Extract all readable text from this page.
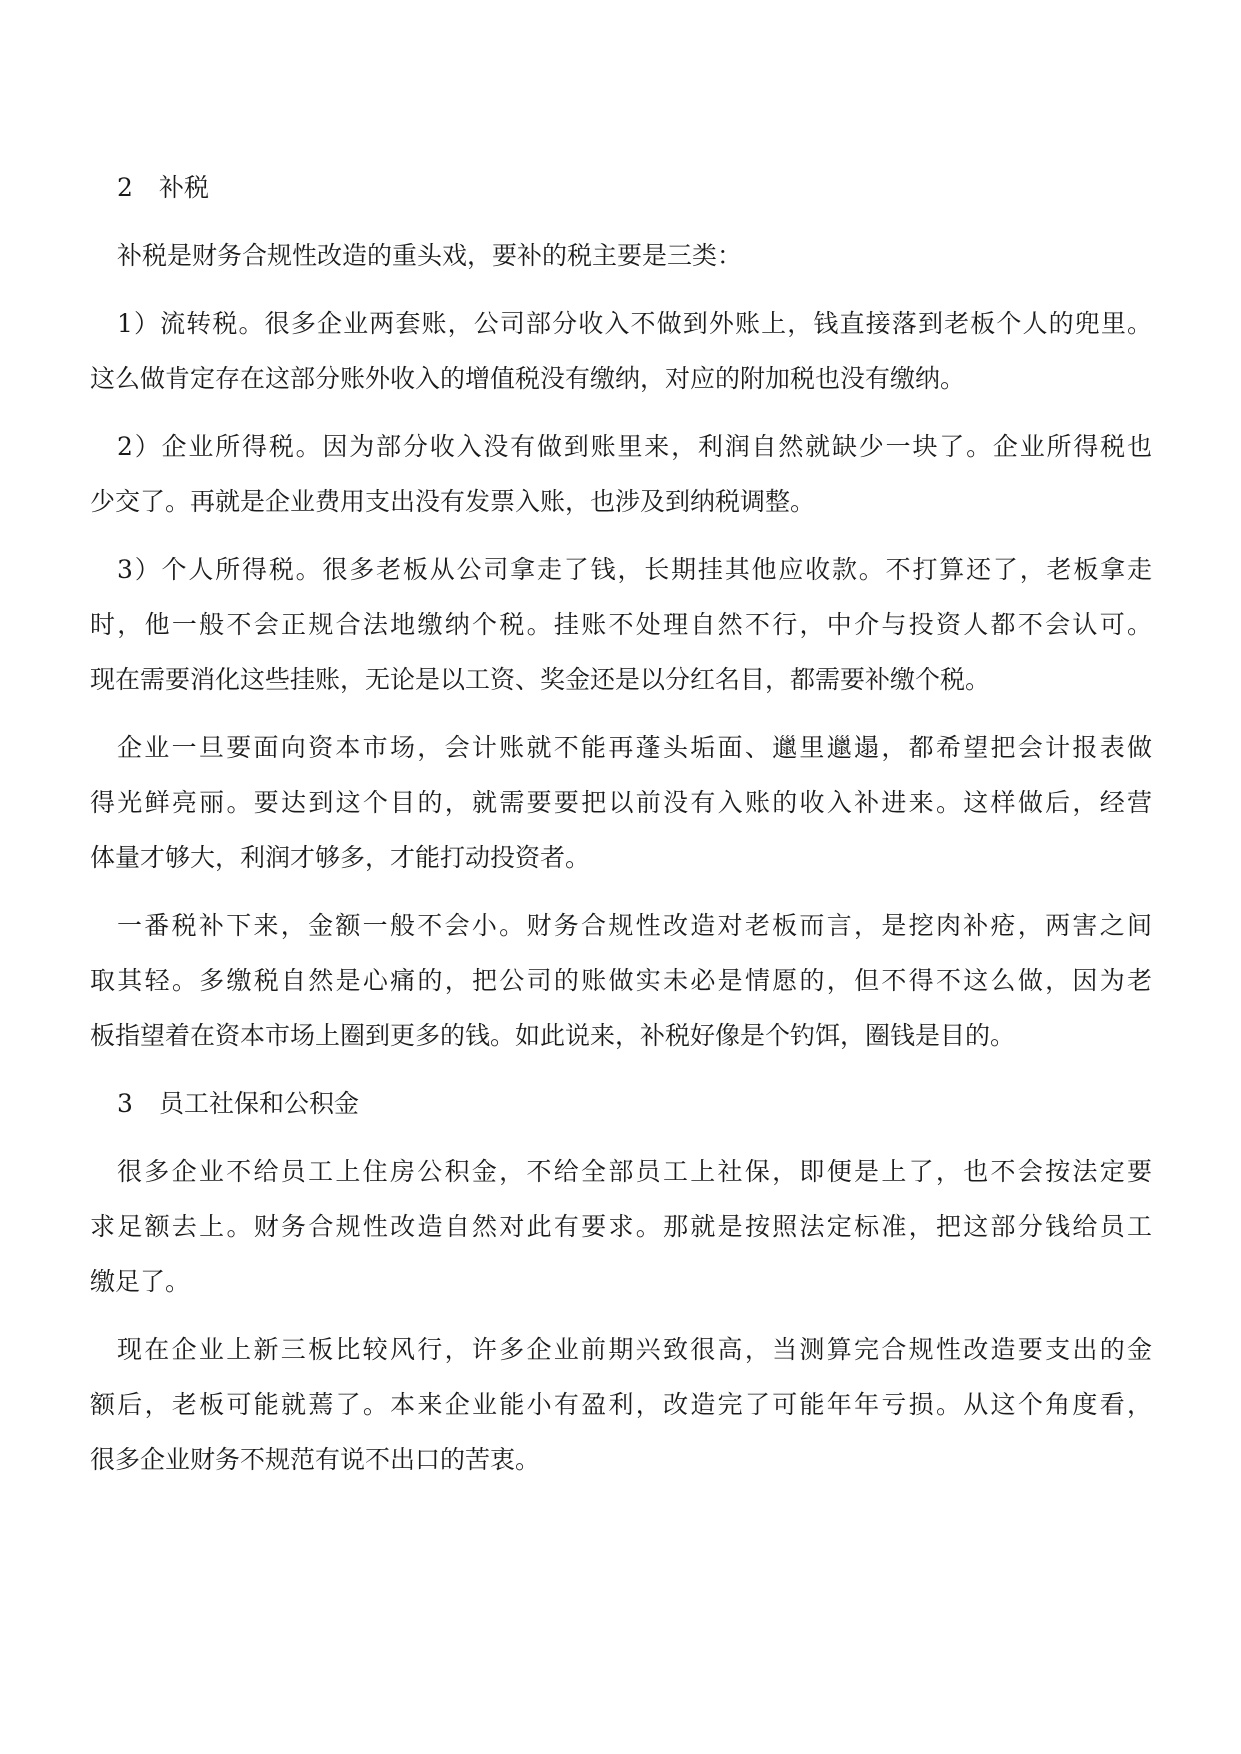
2 补税
补税是财务合规性改造的重头戏，要补的税主要是三类：
1）流转税。很多企业两套账，公司部分收入不做到外账上，钱直接落到老板个人的兜里。
这么做肯定存在这部分账外收入的增值税没有缴纳，对应的附加税也没有缴纳。
2）企业所得税。因为部分收入没有做到账里来，利润自然就缺少一块了。企业所得税也
少交了。再就是企业费用支出没有发票入账，也涉及到纳税调整。
3）个人所得税。很多老板从公司拿走了钱，长期挂其他应收款。不打算还了，老板拿走
时，他一般不会正规合法地缴纳个税。挂账不处理自然不行，中介与投资人都不会认可。
现在需要消化这些挂账，无论是以工资、奖金还是以分红名目，都需要补缴个税。
企业一旦要面向资本市场，会计账就不能再蓬头垢面、邋里邋遢，都希望把会计报表做
得光鲜亮丽。要达到这个目的，就需要要把以前没有入账的收入补进来。这样做后，经营
体量才够大，利润才够多，才能打动投资者。
一番税补下来，金额一般不会小。财务合规性改造对老板而言，是挖肉补疮，两害之间
取其轻。多缴税自然是心痛的，把公司的账做实未必是情愿的，但不得不这么做，因为老
板指望着在资本市场上圈到更多的钱。如此说来，补税好像是个钓饵，圈钱是目的。
3 员工社保和公积金
很多企业不给员工上住房公积金，不给全部员工上社保，即便是上了，也不会按法定要
求足额去上。财务合规性改造自然对此有要求。那就是按照法定标准，把这部分钱给员工
缴足了。
现在企业上新三板比较风行，许多企业前期兴致很高，当测算完合规性改造要支出的金
额后，老板可能就蔫了。本来企业能小有盈利，改造完了可能年年亏损。从这个角度看，
很多企业财务不规范有说不出口的苦衷。
